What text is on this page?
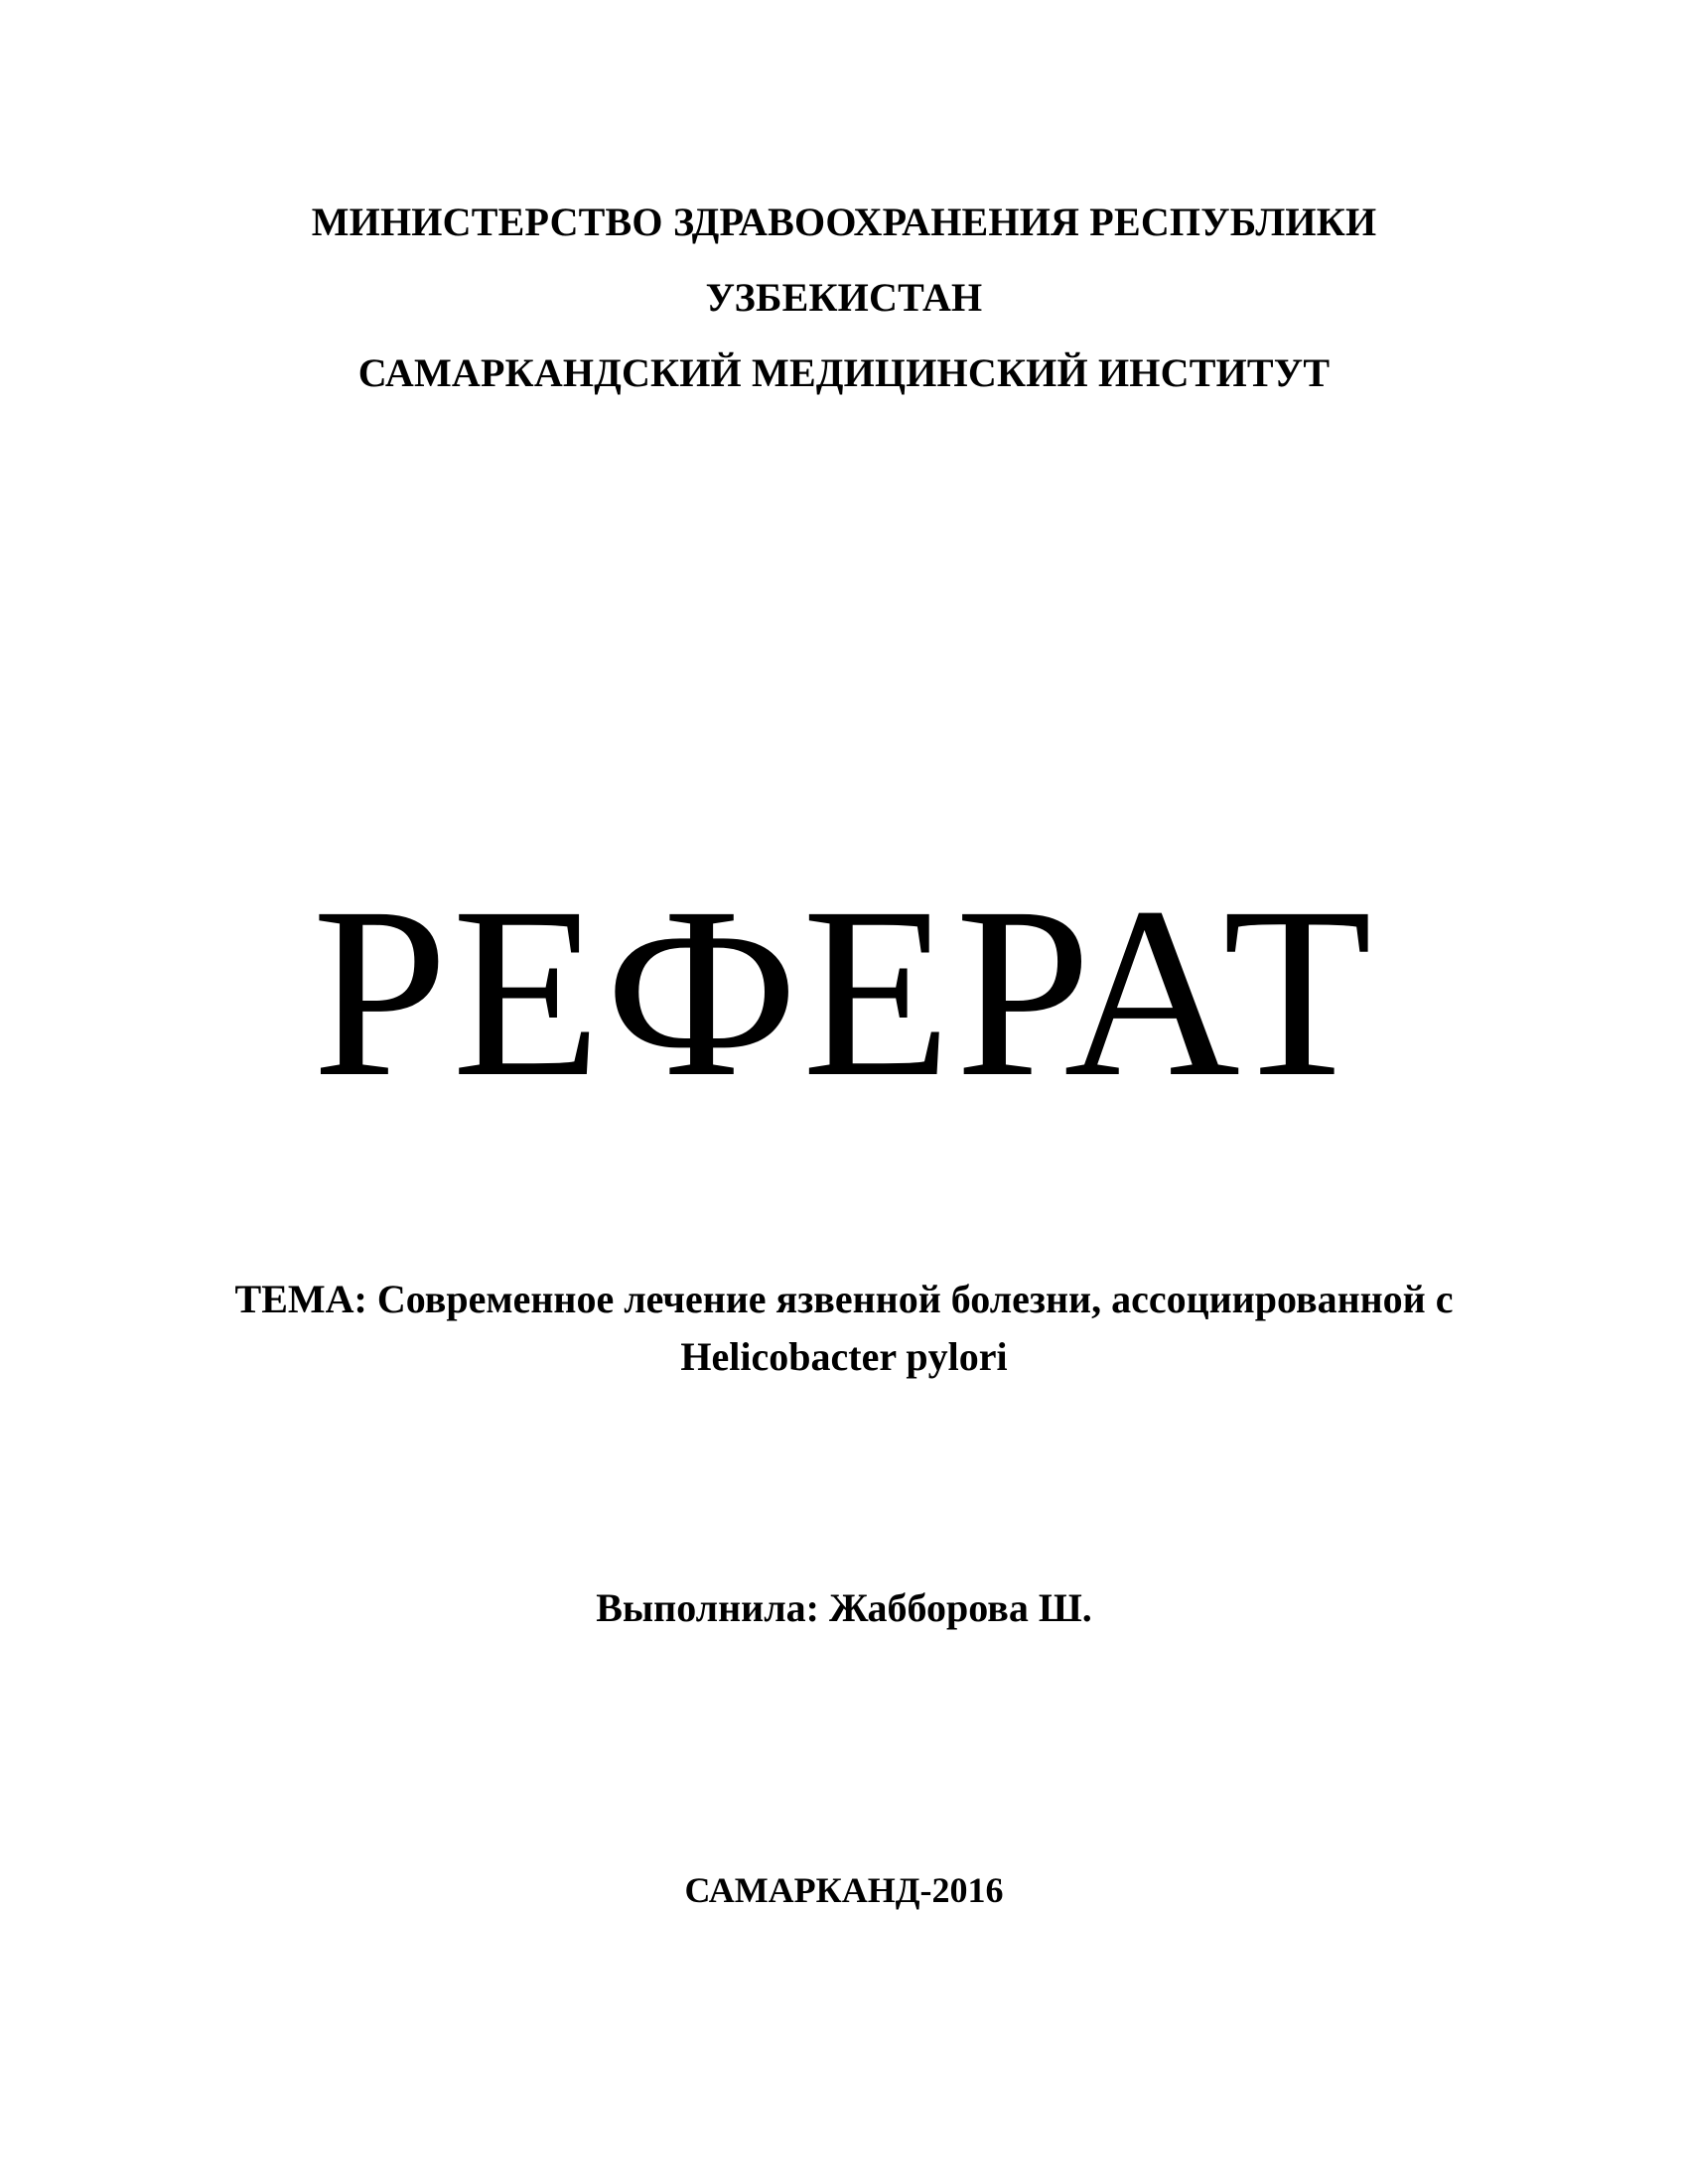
МИНИСТЕРСТВО ЗДРАВООХРАНЕНИЯ РЕСПУБЛИКИ
УЗБЕКИСТАН
САМАРКАНДСКИЙ МЕДИЦИНСКИЙ ИНСТИТУТ
РЕФЕРАТ
ТЕМА: Современное лечение язвенной болезни, ассоциированной с
Helicobacter pylori
Выполнила: Жабборова Ш.
САМАРКАНД-2016
